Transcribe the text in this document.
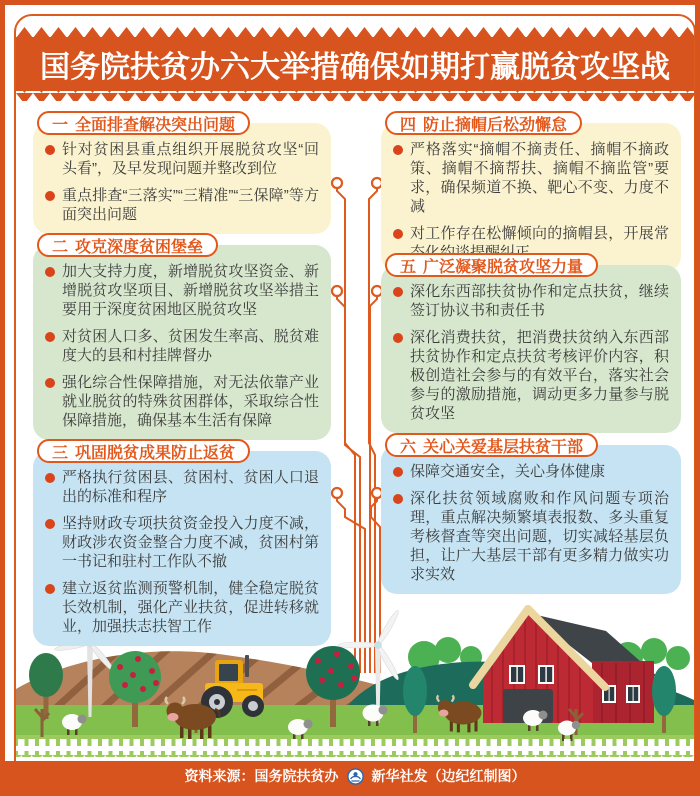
国务院扶贫办六大举措确保如期打赢脱贫攻坚战
一 全面排查解决突出问题
针对贫困县重点组织开展脱贫攻坚“回头看”，及早发现问题并整改到位
重点排查“三落实”“三精准”“三保障”等方面突出问题
二 攻克深度贫困堡垒
加大支持力度，新增脱贫攻坚资金、新增脱贫攻坚项目、新增脱贫攻坚举措主要用于深度贫困地区脱贫攻坚
对贫困人口多、贫困发生率高、脱贫难度大的县和村挂牌督办
强化综合性保障措施，对无法依靠产业就业脱贫的特殊贫困群体，采取综合性保障措施，确保基本生活有保障
三 巩固脱贫成果防止返贫
严格执行贫困县、贫困村、贫困人口退出的标准和程序
坚持财政专项扶贫资金投入力度不减，财政涉农资金整合力度不减，贫困村第一书记和驻村工作队不撤
建立返贫监测预警机制，健全稳定脱贫长效机制，强化产业扶贫，促进转移就业，加强扶志扶智工作
四 防止摘帽后松劲懈怠
严格落实“摘帽不摘责任、摘帽不摘政策、摘帽不摘帮扶、摘帽不摘监管”要求，确保频道不换、靶心不变、力度不减
对工作存在松懈倾向的摘帽县，开展常
五 广泛凝聚脱贫攻坚力量
深化东西部扶贫协作和定点扶贫，继续签订协议书和责任书
深化消费扶贫，把消费扶贫纳入东西部扶贫协作和定点扶贫考核评价内容，积极创造社会参与的有效平台，落实社会参与的激励措施，调动更多力量参与脱贫攻坚
六 关心关爱基层扶贫干部
保障交通安全，关心身体健康
深化扶贫领域腐败和作风问题专项治理，重点解决频繁填表报数、多头重复考核督查等突出问题，切实减轻基层负担，让广大基层干部有更多精力做实功求实效
资料来源：国务院扶贫办 新华社发（边纪红制图）
